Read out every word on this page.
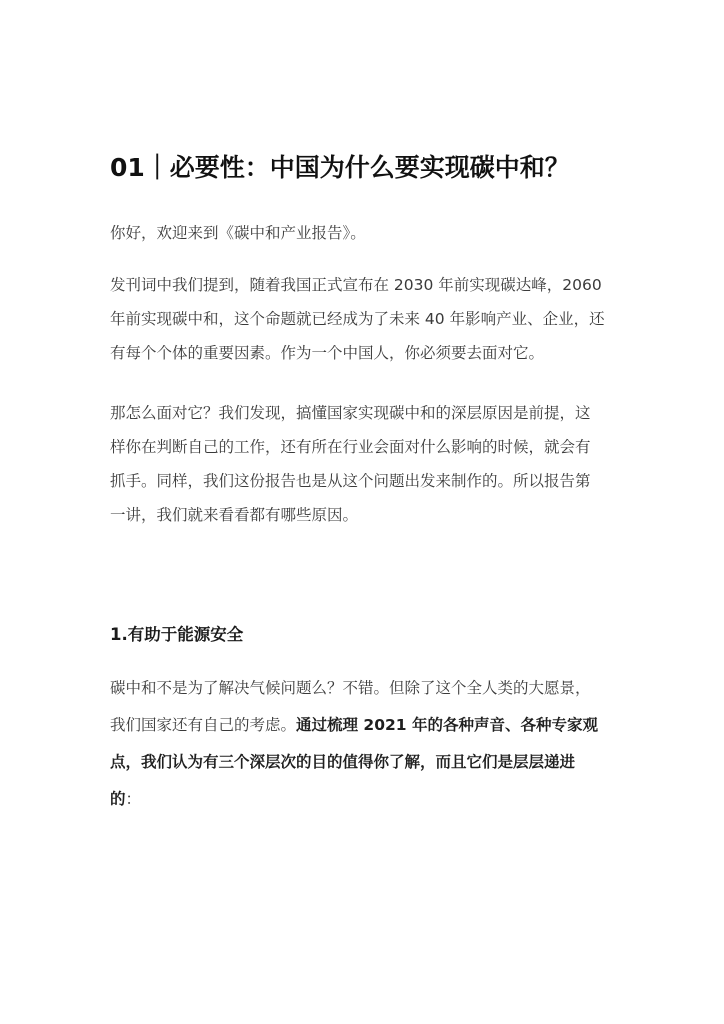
01｜必要性：中国为什么要实现碳中和？

你好，欢迎来到《碳中和产业报告》。

发刊词中我们提到，随着我国正式宣布在 2030 年前实现碳达峰，2060
年前实现碳中和，这个命题就已经成为了未来 40 年影响产业、企业，还
有每个个体的重要因素。作为一个中国人，你必须要去面对它。

那怎么面对它？我们发现，搞懂国家实现碳中和的深层原因是前提，这
样你在判断自己的工作，还有所在行业会面对什么影响的时候，就会有
抓手。同样，我们这份报告也是从这个问题出发来制作的。所以报告第
一讲，我们就来看看都有哪些原因。

1.有助于能源安全

碳中和不是为了解决气候问题么？不错。但除了这个全人类的大愿景，
我们国家还有自己的考虑。通过梳理 2021 年的各种声音、各种专家观
点，我们认为有三个深层次的目的值得你了解，而且它们是层层递进
的：
